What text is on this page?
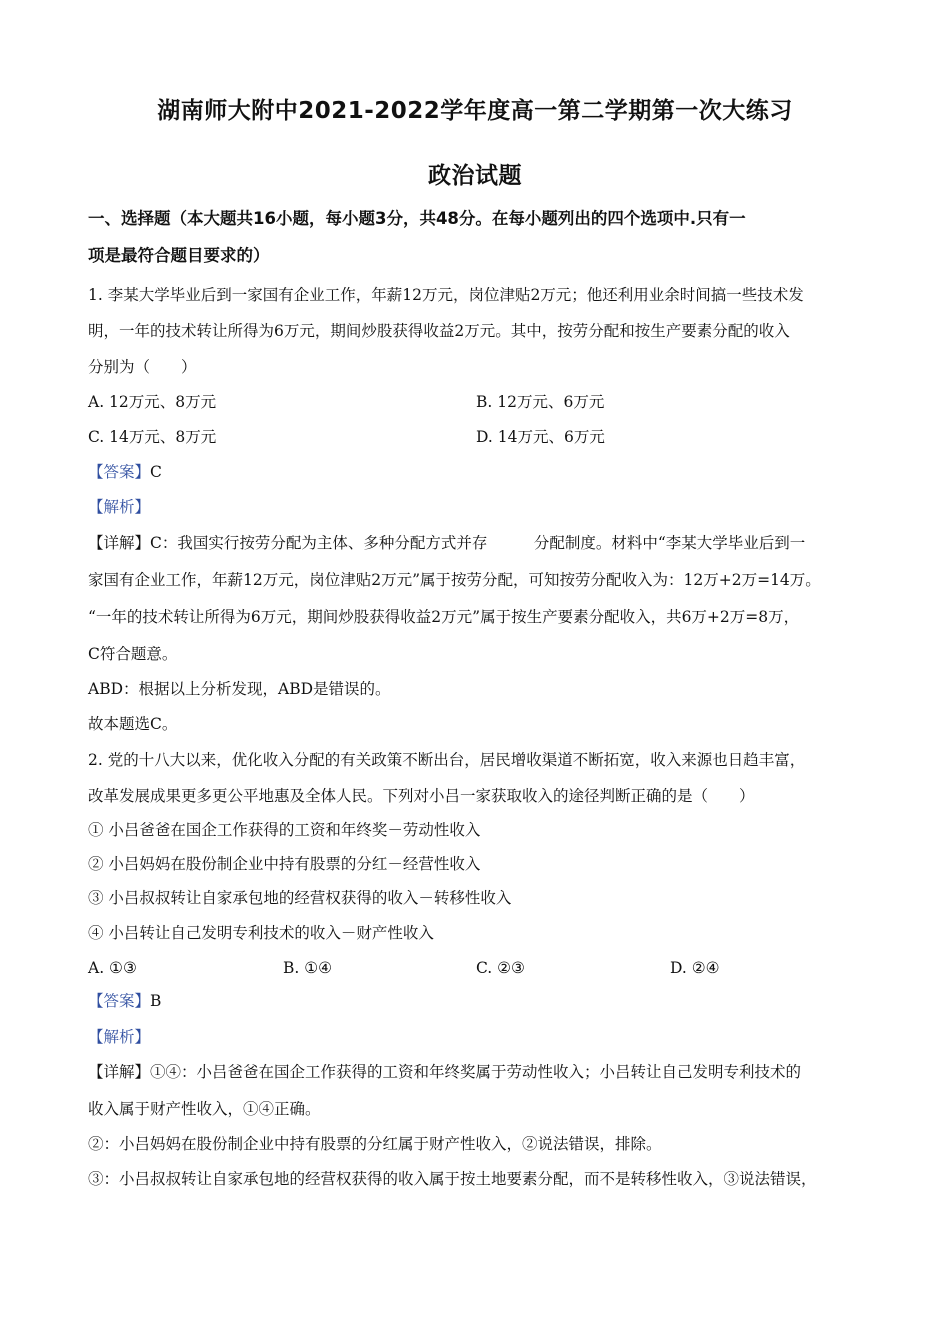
湖南师大附中2021-2022学年度高一第二学期第一次大练习
政治试题
一、选择题（本大题共16小题，每小题3分，共48分。在每小题列出的四个选项中.只有一
项是最符合题目要求的）
1. 李某大学毕业后到一家国有企业工作，年薪12万元，岗位津贴2万元；他还利用业余时间搞一些技术发
明，一年的技术转让所得为6万元，期间炒股获得收益2万元。其中，按劳分配和按生产要素分配的收入
分别为（　　）
A. 12万元、8万元	B. 12万元、6万元
C. 14万元、8万元	D. 14万元、6万元
【答案】C
【解析】
【详解】C：我国实行按劳分配为主体、多种分配方式并存　　　分配制度。材料中“李某大学毕业后到一
家国有企业工作，年薪12万元，岗位津贴2万元”属于按劳分配，可知按劳分配收入为：12万+2万=14万。
“一年的技术转让所得为6万元，期间炒股获得收益2万元”属于按生产要素分配收入，共6万+2万=8万，
C符合题意。
ABD：根据以上分析发现，ABD是错误的。
故本题选C。
2. 党的十八大以来，优化收入分配的有关政策不断出台，居民增收渠道不断拓宽，收入来源也日趋丰富，
改革发展成果更多更公平地惠及全体人民。下列对小吕一家获取收入的途径判断正确的是（　　）
① 小吕爸爸在国企工作获得的工资和年终奖－劳动性收入
② 小吕妈妈在股份制企业中持有股票的分红－经营性收入
③ 小吕叔叔转让自家承包地的经营权获得的收入－转移性收入
④ 小吕转让自己发明专利技术的收入－财产性收入
A. ①③	B. ①④	C. ②③	D. ②④
【答案】B
【解析】
【详解】①④：小吕爸爸在国企工作获得的工资和年终奖属于劳动性收入；小吕转让自己发明专利技术的
收入属于财产性收入，①④正确。
②：小吕妈妈在股份制企业中持有股票的分红属于财产性收入，②说法错误，排除。
③：小吕叔叔转让自家承包地的经营权获得的收入属于按土地要素分配，而不是转移性收入，③说法错误，
